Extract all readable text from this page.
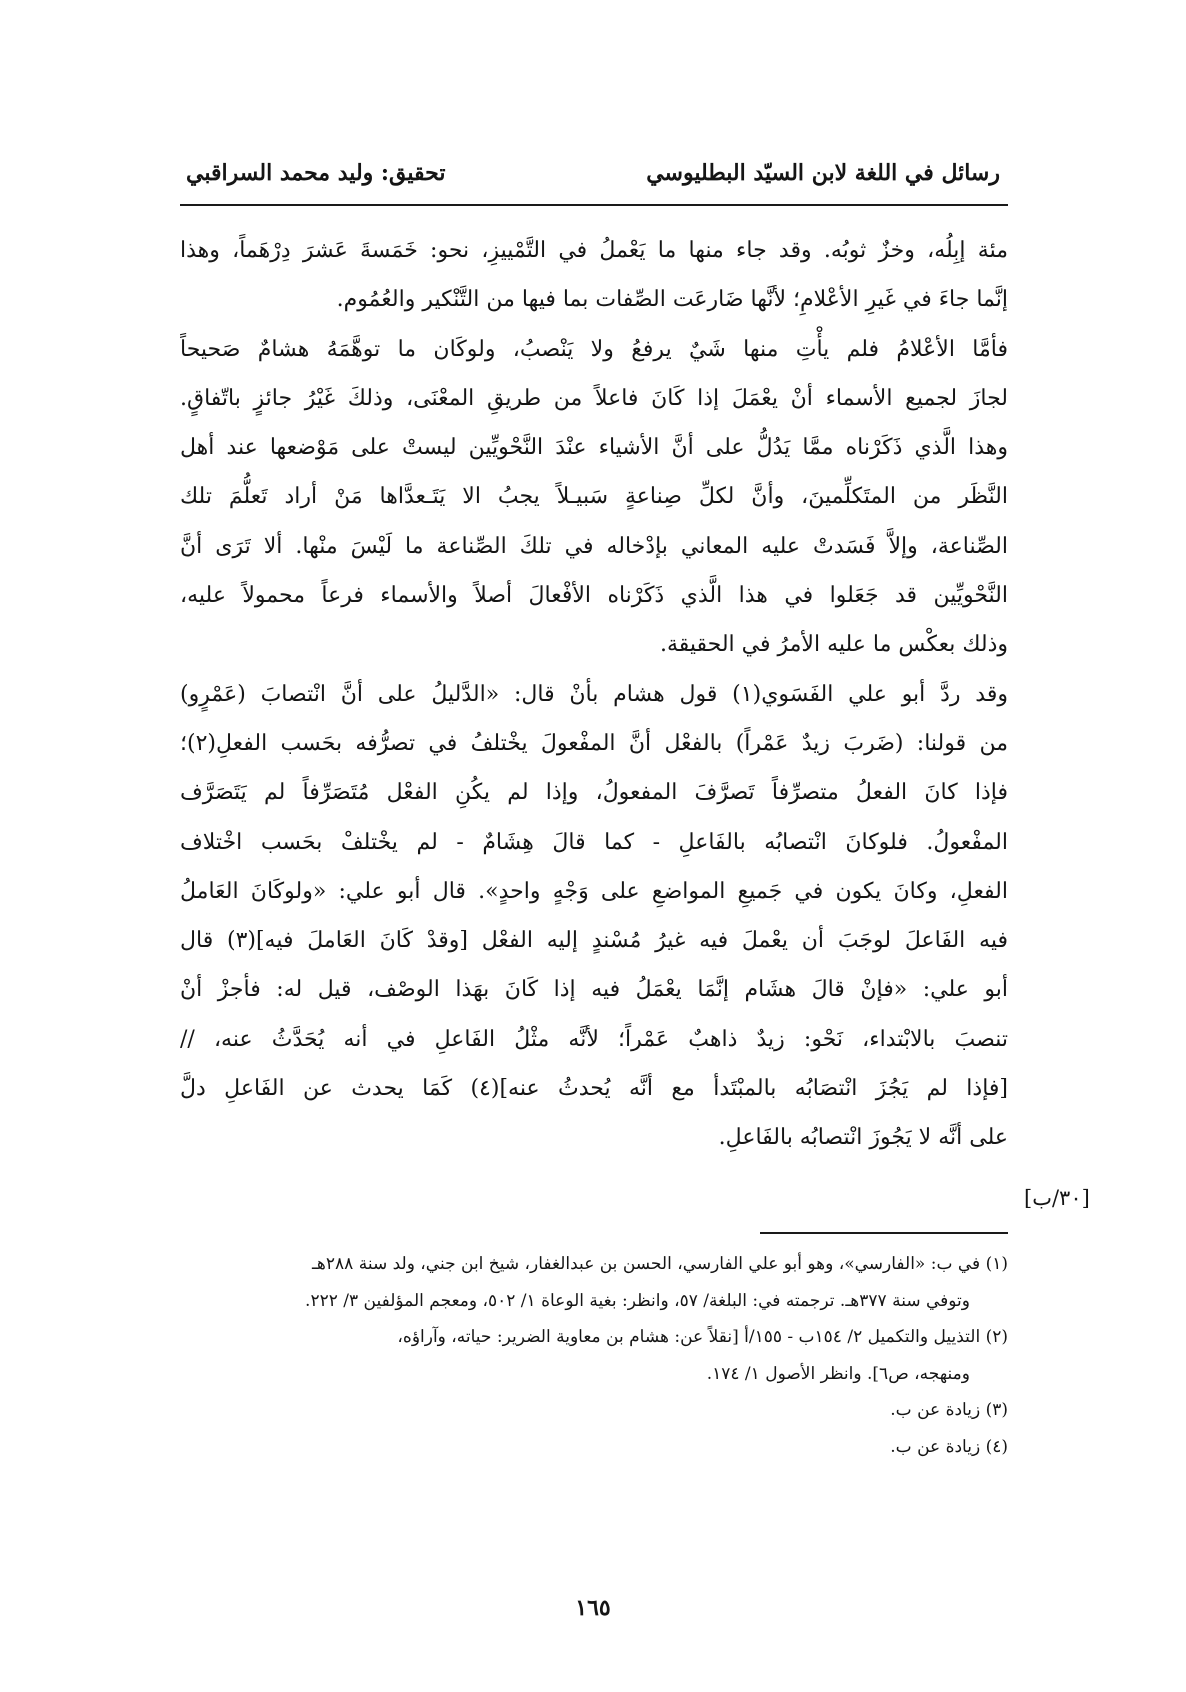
رسائل في اللغة لابن السيّد البطليوسي
تحقيق: وليد محمد السراقبي
مئة إبِلُه، وخزٌ ثوبُه. وقد جاء منها ما يَعْملُ في التَّمْييزِ، نحو: خَمَسةَ عَشرَ دِرْهَماً، وهذا
إنَّما جاءَ في غَيرِ الأعْلامِ؛ لأنَّها ضَارعَت الصِّفات بما فيها من التَّنْكير والعُمُوم.
فأمَّا الأعْلامُ فلم يأْتِ منها شَيٌ يرفعُ ولا يَنْصبُ، ولوكَان ما توهَّمَهُ هشامٌ صَحيحاً
لجازَ لجميع الأسماء أنْ يعْمَلَ إذا كَانَ فاعلاً من طريقِ المعْنَى، وذلكَ غَيْرُ جائزٍ باتّفاقٍ.
وهذا الَّذي ذَكَرْناه ممَّا يَدُلُّ على أنَّ الأشياء عنْدَ النَّحْويِّين ليستْ على مَوْضعها عند أهل
النَّظَر من المتَكلِّمينَ، وأنَّ لكلِّ صِناعةٍ سَبيـلاً يجبُ الا يَتَـعدَّاها مَنْ أراد تَعلُّمَ تلك
الصِّناعة، وإلاَّ فَسَدتْ عليه المعاني بإدْخاله في تلكَ الصِّناعة ما لَيْسَ منْها. ألا تَرَى أنَّ
النَّحْويِّين قد جَعَلوا في هذا الَّذي ذَكَرْناه الأفْعالَ أصلاً والأسماء فرعاً محمولاً عليه،
وذلك بعكْس ما عليه الأمرُ في الحقيقة.
وقد ردَّ أبو علي الفَسَوي(١) قول هشام بأنْ قال: «الدَّليلُ على أنَّ انْتصابَ (عَمْرٍو)
من قولنا: (ضَربَ زيدٌ عَمْراً) بالفعْل أنَّ المفْعولَ يخْتلفُ في تصرُّفه بحَسب الفعلِ(٢)؛
فإذا كانَ الفعلُ متصرِّفاً تَصرَّفَ المفعولُ، وإذا لم يكُنِ الفعْل مُتَصَرِّفاً لم يَتَصَرَّف
المفْعولُ. فلوكانَ انْتصابُه بالفَاعلِ - كما قالَ هِشَامٌ - لم يخْتلفْ بحَسب اخْتلاف
الفعلِ، وكانَ يكون في جَميعِ المواضعِ على وَجْهٍ واحدٍ». قال أبو علي: «ولوكَانَ العَاملُ
فيه الفَاعلَ لوجَبَ أن يعْملَ فيه غيرُ مُسْندٍ إليه الفعْل [وقدْ كَانَ العَاملَ فيه](٣) قال
أبو علي: «فإنْ قالَ هشَام إنَّمَا يعْمَلُ فيه إذا كَانَ بهَذا الوصْف، قيل له: فأجزْ أنْ
تنصبَ بالابْتداء، نَحْو: زيدٌ ذاهبٌ عَمْراً؛ لأنَّه مثْلُ الفَاعلِ في أنه يُحَدَّثُ عنه، //
[فإذا لم يَجُزَ انْتصَابُه بالمبْتَدأ مع أنَّه يُحدثُ عنه](٤) كَمَا يحدث عن الفَاعلِ دلَّ
على أنَّه لا يَجُوزَ انْتصابُه بالفَاعلِ.
[٣٠/ب]
(١) في ب: «الفارسي»، وهو أبو علي الفارسي، الحسن بن عبدالغفار، شيخ ابن جني، ولد سنة ٢٨٨هـ
وتوفي سنة ٣٧٧هـ. ترجمته في: البلغة/ ٥٧، وانظر: بغية الوعاة ١/ ٥٠٢، ومعجم المؤلفين ٣/ ٢٢٢.
(٢) التذييل والتكميل ٢/ ١٥٤ب - ١٥٥/أ [نقلاً عن: هشام بن معاوية الضرير: حياته، وآراؤه،
ومنهجه، ص٦]. وانظر الأصول ١/ ١٧٤.
(٣) زيادة عن ب.
(٤) زيادة عن ب.
١٦٥
